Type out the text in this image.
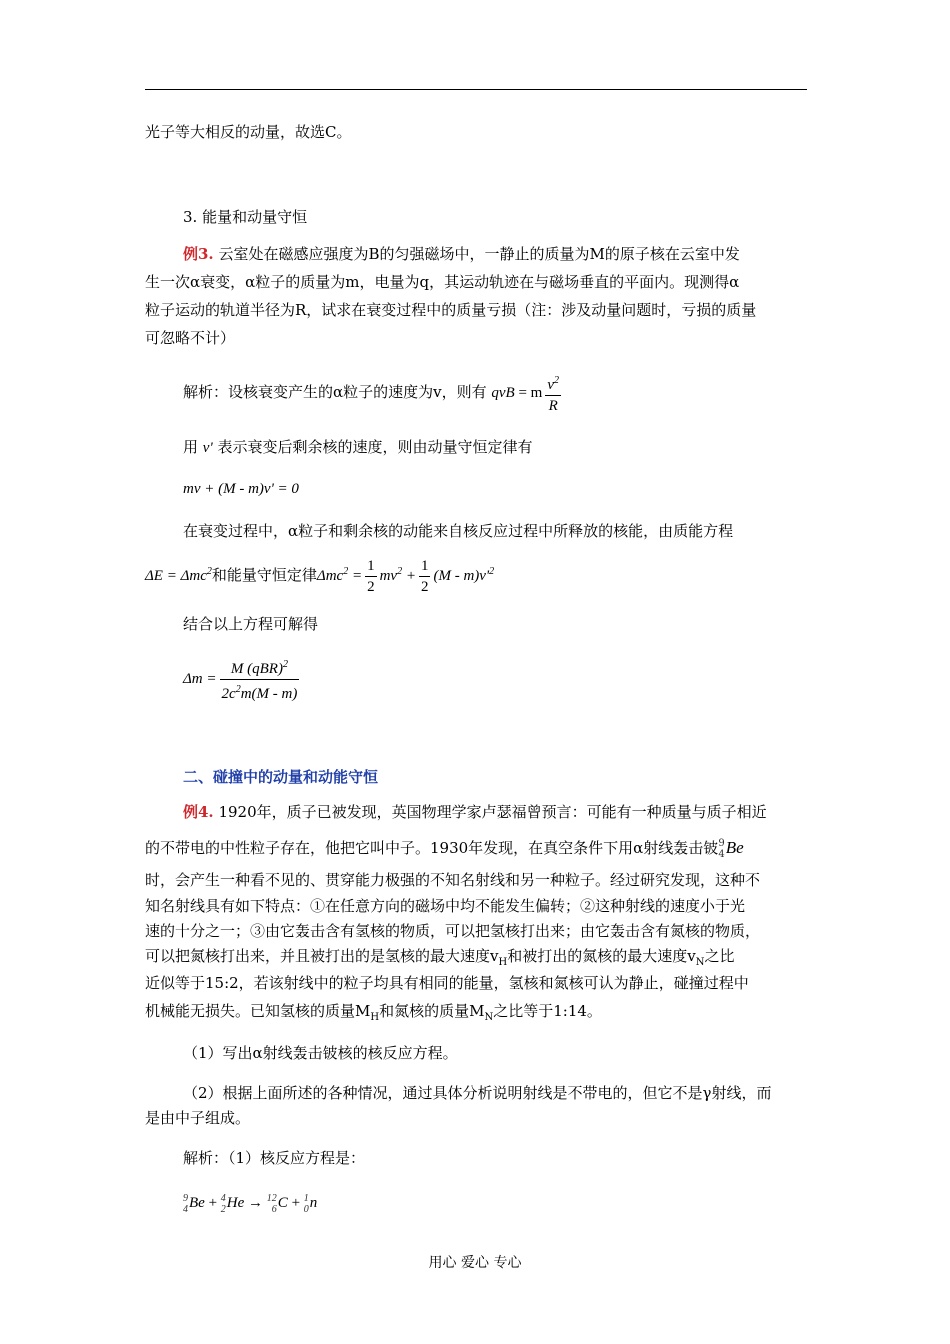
光子等大相反的动量，故选C。
3. 能量和动量守恒
例3. 云室处在磁感应强度为B的匀强磁场中，一静止的质量为M的原子核在云室中发
生一次α衰变，α粒子的质量为m，电量为q，其运动轨迹在与磁场垂直的平面内。现测得α
粒子运动的轨道半径为R，试求在衰变过程中的质量亏损（注：涉及动量问题时，亏损的质量
可忽略不计）
解析：设核衰变产生的α粒子的速度为v，则有 qvB = m $\frac{v^2}{R}$
用 v' 表示衰变后剩余核的速度，则由动量守恒定律有
mv + (M - m)v' = 0
在衰变过程中，α粒子和剩余核的动能来自核反应过程中所释放的核能，由质能方程
ΔE = Δmc$^2$和能量守恒定律$\Delta mc^2 = \frac{1}{2} mv^2 + \frac{1}{2} (M - m)v'^2$
结合以上方程可解得
$\Delta m = \frac{M (qBR)^2}{2c^2m(M - m)}$
二、碰撞中的动量和动能守恒
例4. 1920年，质子已被发现，英国物理学家卢瑟福曾预言：可能有一种质量与质子相近
的不带电的中性粒子存在，他把它叫中子。1930年发现，在真空条件下用α射线轰击铍 9
4 Be
时，会产生一种看不见的、贯穿能力极强的不知名射线和另一种粒子。经过研究发现，这种不
知名射线具有如下特点：①在任意方向的磁场中均不能发生偏转；②这种射线的速度小于光
速的十分之一；③由它轰击含有氢核的物质，可以把氢核打出来；由它轰击含有氮核的物质，
可以把氮核打出来，并且被打出的是氢核的最大速度$v_H$和被打出的氮核的最大速度$v_N$之比
近似等于15:2，若该射线中的粒子均具有相同的能量，氢核和氮核可认为静止，碰撞过程中
机械能无损失。已知氢核的质量$M_H$和氮核的质量$M_N$之比等于1:14。
（1）写出α射线轰击铍核的核反应方程。
（2）根据上面所述的各种情况，通过具体分析说明射线是不带电的，但它不是γ射线，而
是由中子组成。
解析：（1）核反应方程是：
9
4 Be + 4
2 He → 12
6 C + 1
0 n
用心 爱心 专心
